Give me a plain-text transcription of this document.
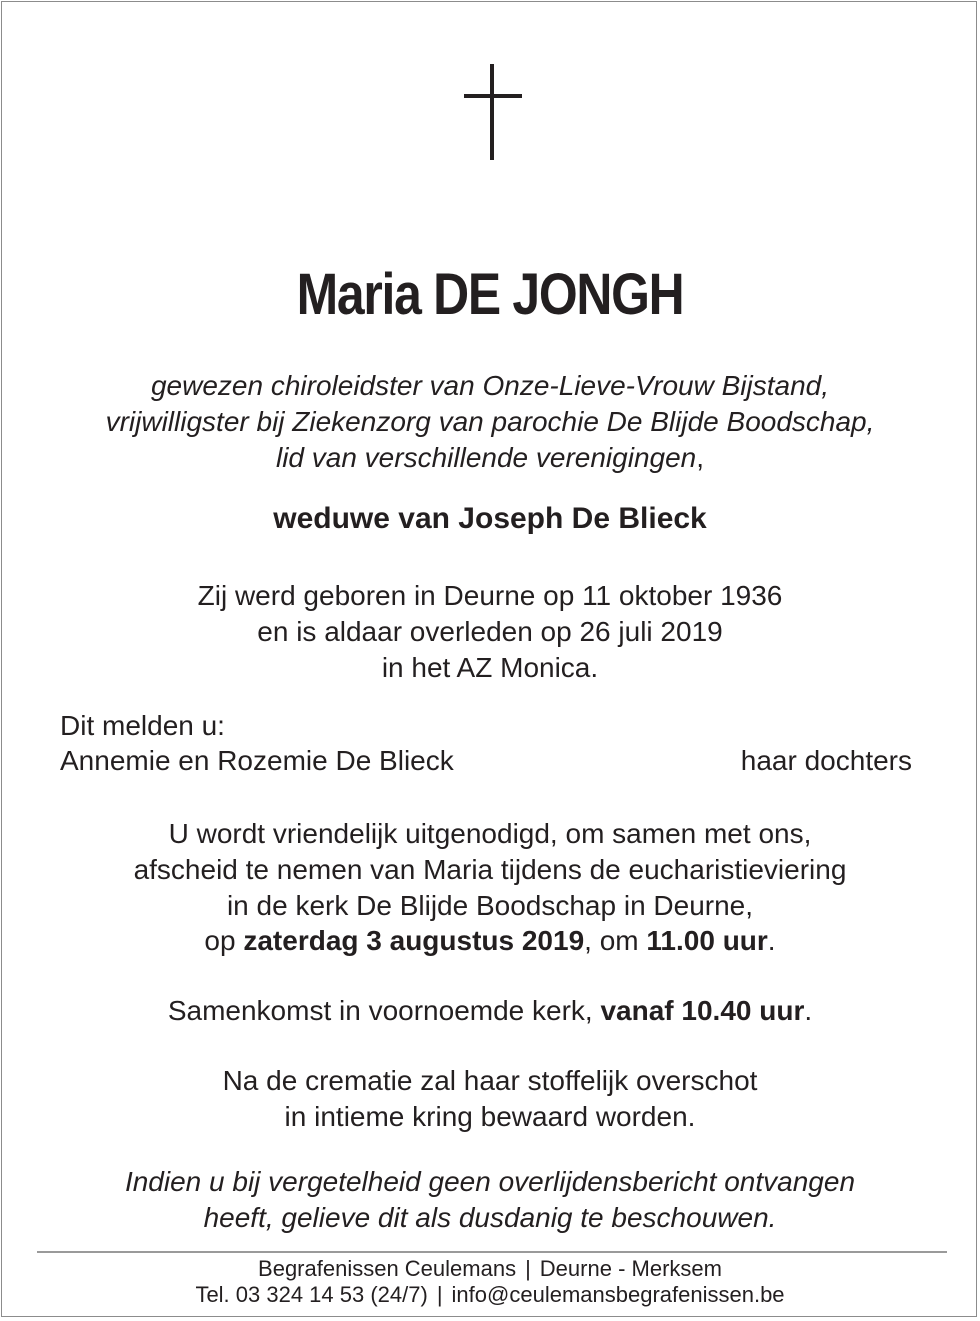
Maria DE JONGH
gewezen chiroleidster van Onze-Lieve-Vrouw Bijstand,
vrijwilligster bij Ziekenzorg van parochie De Blijde Boodschap,
lid van verschillende verenigingen,
weduwe van Joseph De Blieck
Zij werd geboren in Deurne op 11 oktober 1936
en is aldaar overleden op 26 juli 2019
in het AZ Monica.
Dit melden u:
Annemie en Rozemie De Blieck	haar dochters
U wordt vriendelijk uitgenodigd, om samen met ons,
afscheid te nemen van Maria tijdens de eucharistieviering
in de kerk De Blijde Boodschap in Deurne,
op zaterdag 3 augustus 2019, om 11.00 uur.
Samenkomst in voornoemde kerk, vanaf 10.40 uur.
Na de crematie zal haar stoffelijk overschot
in intieme kring bewaard worden.
Indien u bij vergetelheid geen overlijdensbericht ontvangen
heeft, gelieve dit als dusdanig te beschouwen.
Begrafenissen Ceulemans | Deurne - Merksem
Tel. 03 324 14 53 (24/7) | info@ceulemansbegrafenissen.be
